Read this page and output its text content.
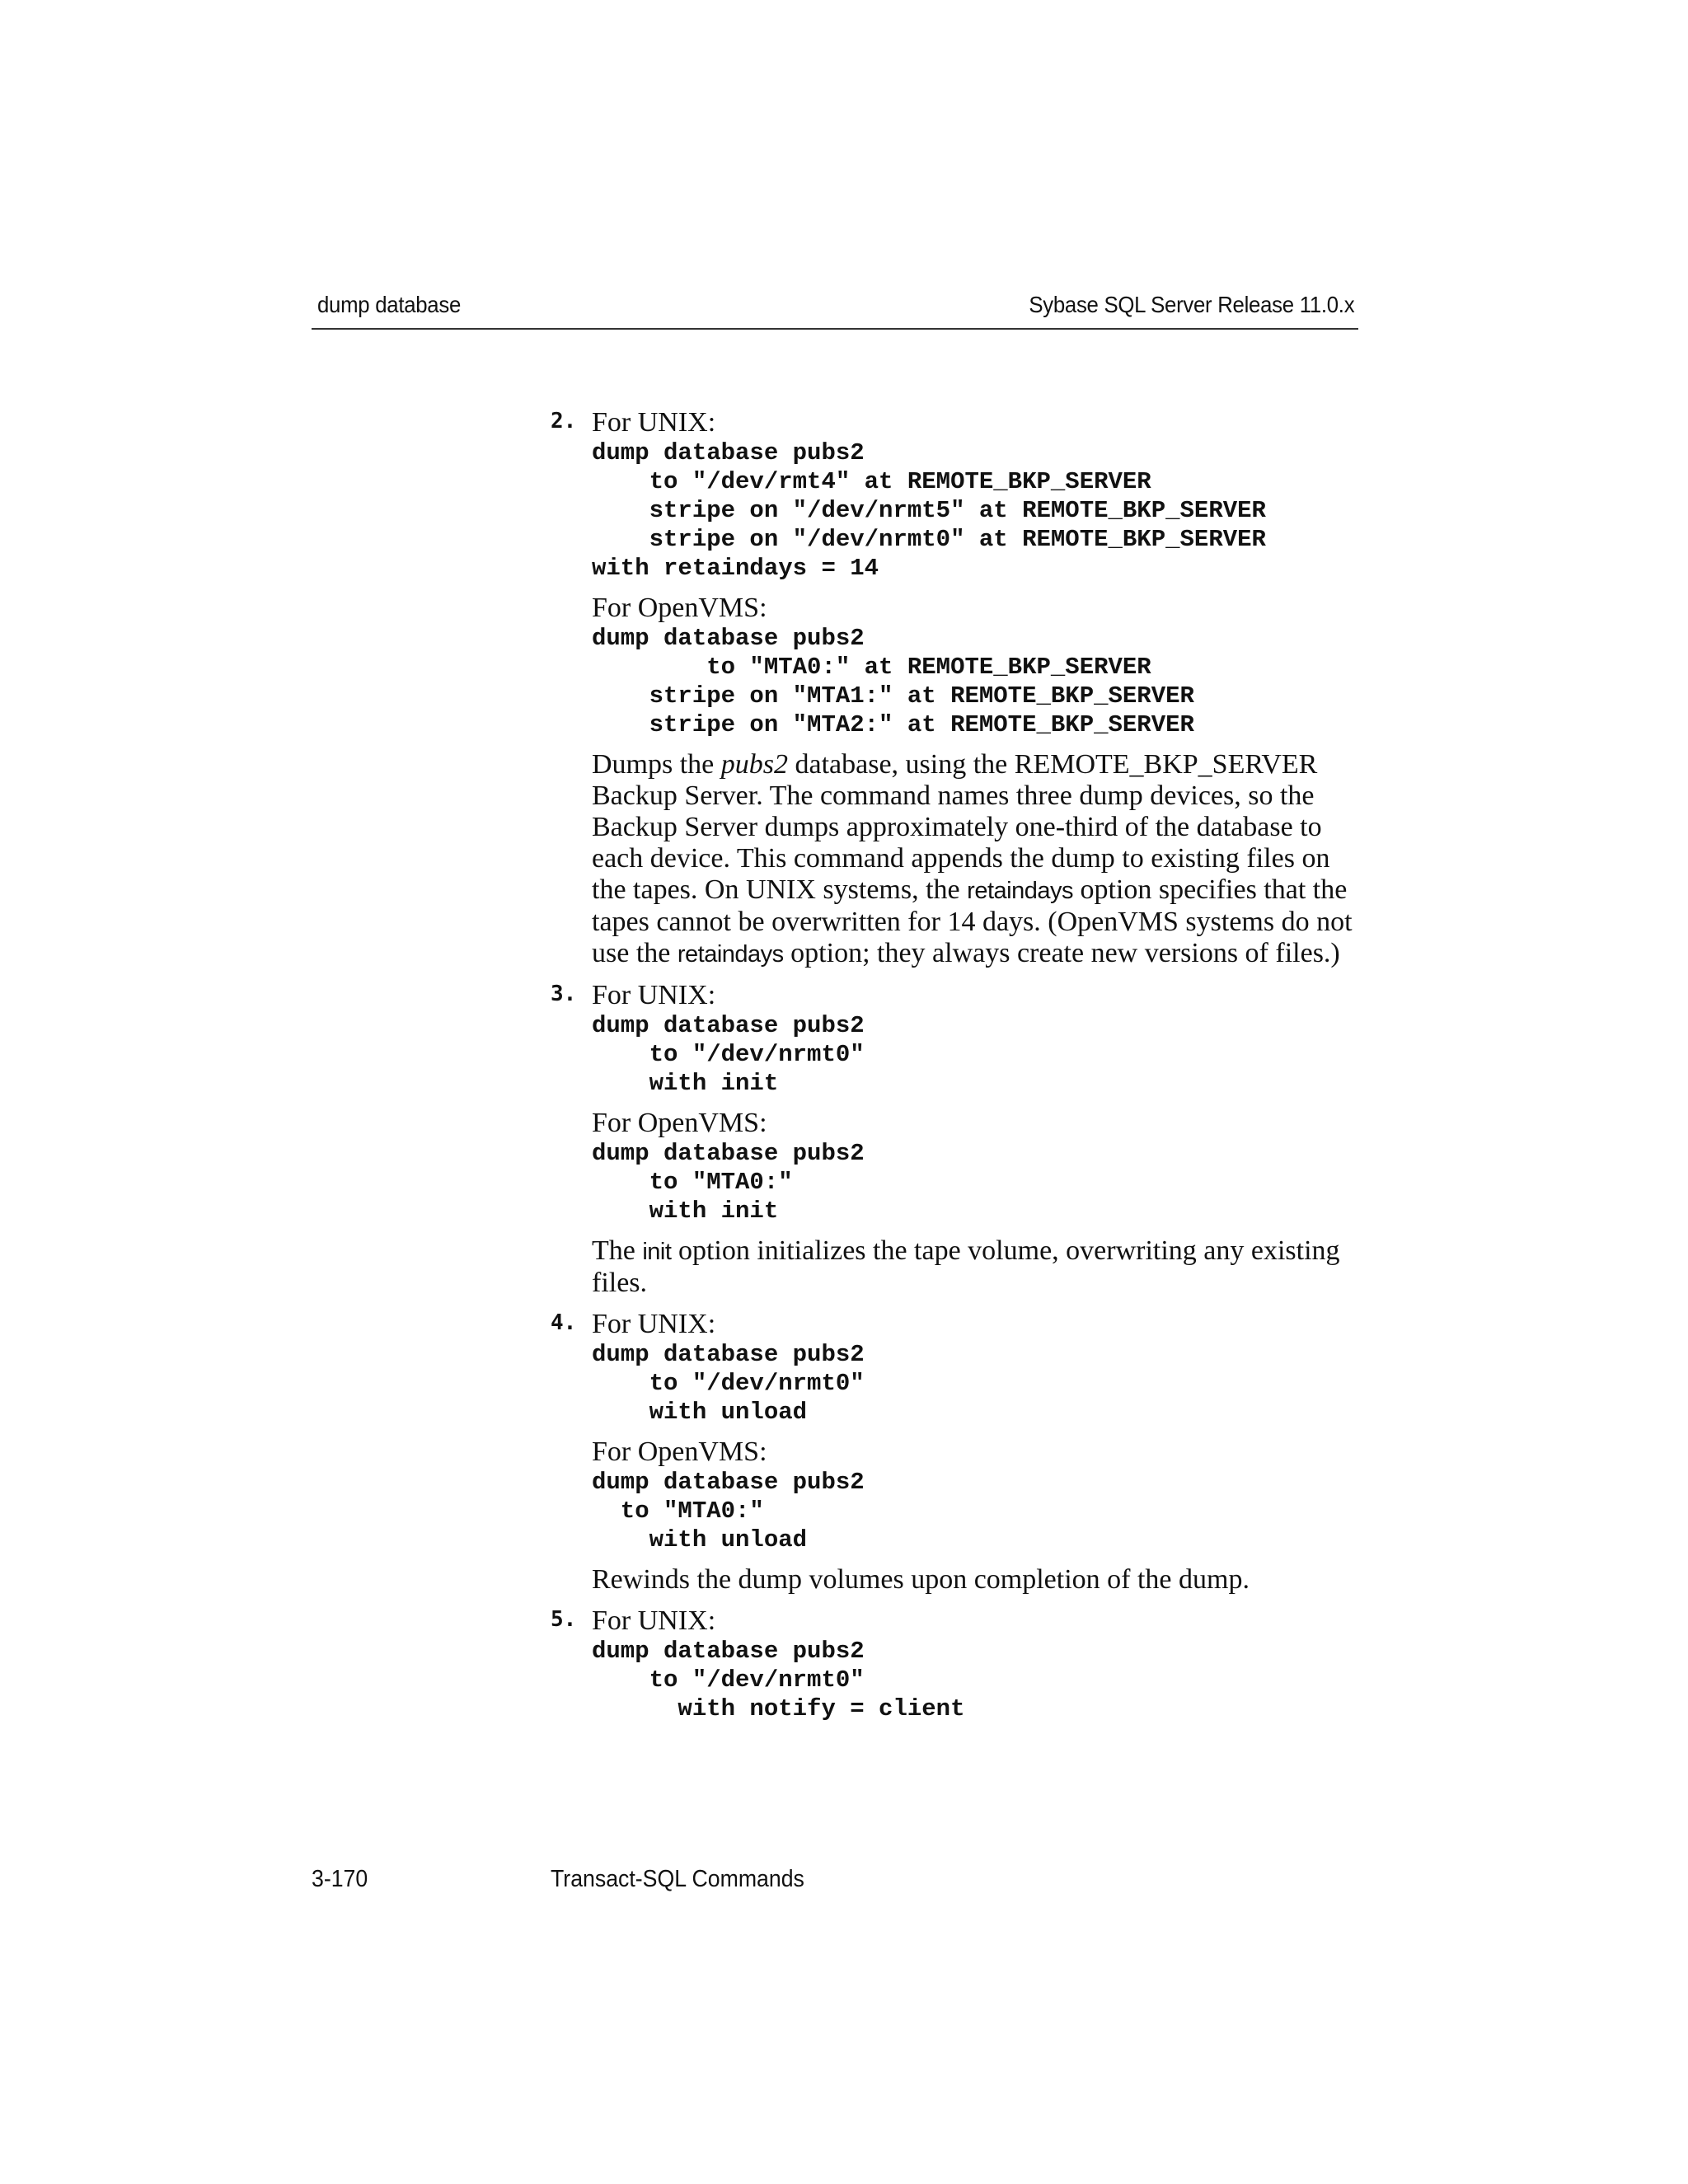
dump database	Sybase SQL Server Release 11.0.x
2. For UNIX:
dump database pubs2
to "/dev/rmt4" at REMOTE_BKP_SERVER
stripe on "/dev/nrmt5" at REMOTE_BKP_SERVER
stripe on "/dev/nrmt0" at REMOTE_BKP_SERVER
with retaindays = 14
For OpenVMS:
dump database pubs2
to "MTA0:" at REMOTE_BKP_SERVER
stripe on "MTA1:" at REMOTE_BKP_SERVER
stripe on "MTA2:" at REMOTE_BKP_SERVER
Dumps the pubs2 database, using the REMOTE_BKP_SERVER Backup Server. The command names three dump devices, so the Backup Server dumps approximately one-third of the database to each device. This command appends the dump to existing files on the tapes. On UNIX systems, the retaindays option specifies that the tapes cannot be overwritten for 14 days. (OpenVMS systems do not use the retaindays option; they always create new versions of files.)
3. For UNIX:
dump database pubs2
to "/dev/nrmt0"
with init
For OpenVMS:
dump database pubs2
to "MTA0:"
with init
The init option initializes the tape volume, overwriting any existing files.
4. For UNIX:
dump database pubs2
to "/dev/nrmt0"
with unload
For OpenVMS:
dump database pubs2
to "MTA0:"
with unload
Rewinds the dump volumes upon completion of the dump.
5. For UNIX:
dump database pubs2
to "/dev/nrmt0"
with notify = client
3-170	Transact-SQL Commands
